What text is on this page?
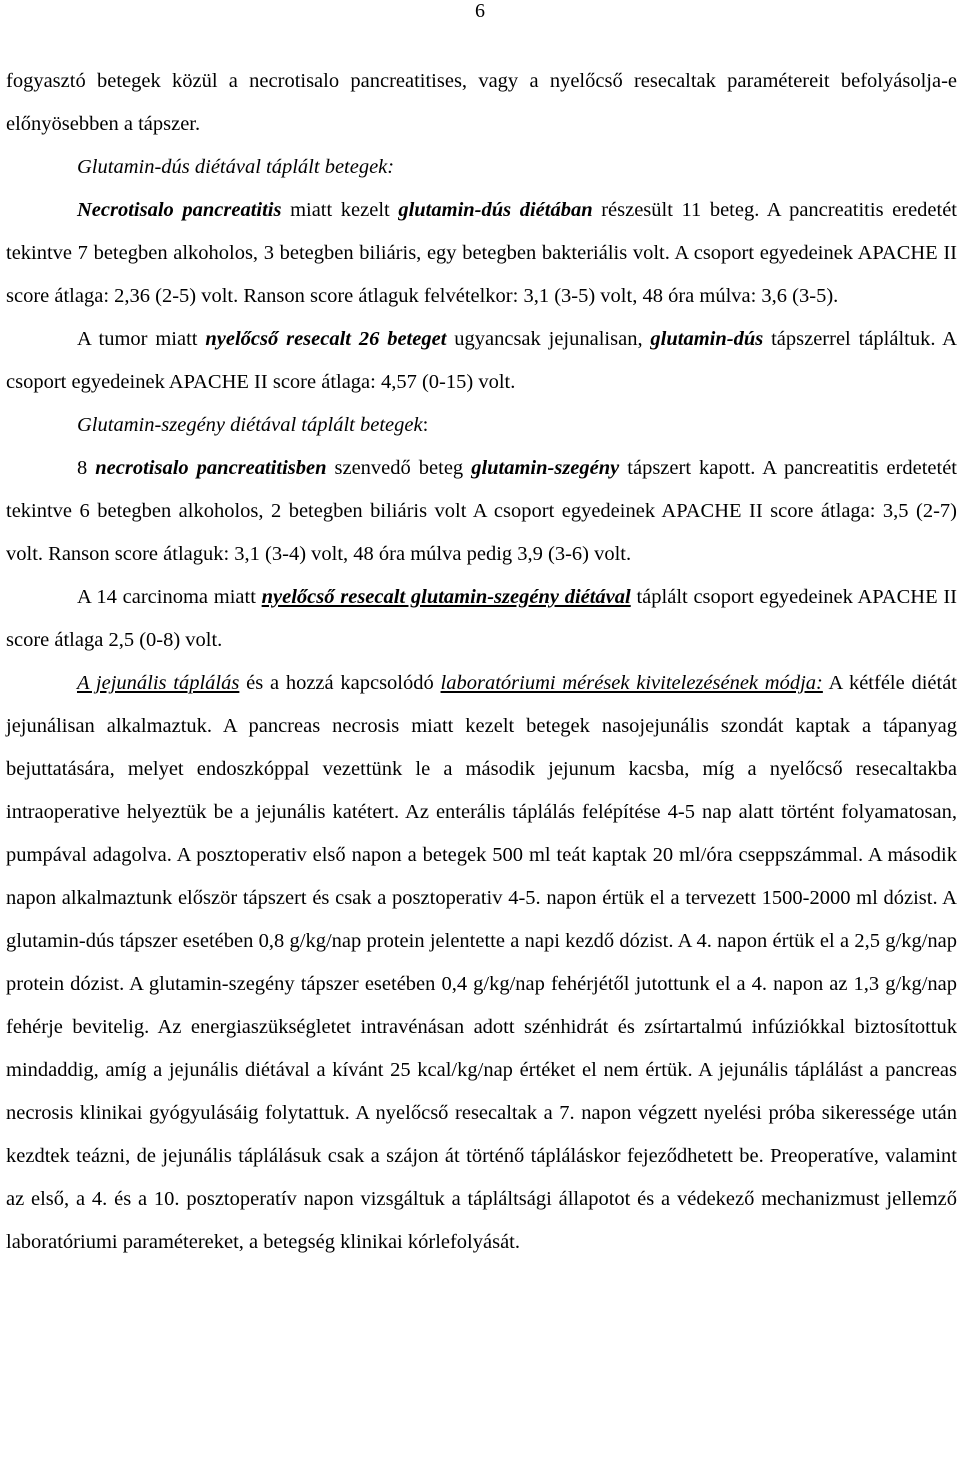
6

fogyasztó betegek közül a necrotisalo pancreatitises, vagy a nyelőcső resecaltak paramétereit befolyásolja-e előnyösebben a tápszer.

Glutamin-dús diétával táplált betegek:

Necrotisalo pancreatitis miatt kezelt glutamin-dús diétában részesült 11 beteg. A pancreatitis eredetét tekintve 7 betegben alkoholos, 3 betegben biliáris, egy betegben bakteriális volt. A csoport egyedeinek APACHE II score átlaga: 2,36 (2-5) volt. Ranson score átlaguk felvételkor: 3,1 (3-5) volt, 48 óra múlva: 3,6 (3-5).

A tumor miatt nyelőcső resecalt 26 beteget ugyancsak jejunalisan, glutamin-dús tápszerrel tápláltuk. A csoport egyedeinek APACHE II score átlaga: 4,57 (0-15) volt.

Glutamin-szegény diétával táplált betegek:

8 necrotisalo pancreatitisben szenvedő beteg glutamin-szegény tápszert kapott. A pancreatitis erdetetét tekintve 6 betegben alkoholos, 2 betegben biliáris volt A csoport egyedeinek APACHE II score átlaga: 3,5 (2-7) volt. Ranson score átlaguk: 3,1 (3-4) volt, 48 óra múlva pedig 3,9 (3-6) volt.

A 14 carcinoma miatt nyelőcső resecalt glutamin-szegény diétával táplált csoport egyedeinek APACHE II score átlaga 2,5 (0-8) volt.

A jejunális táplálás és a hozzá kapcsolódó laboratóriumi mérések kivitelezésének módja: A kétféle diétát jejunálisan alkalmaztuk. A pancreas necrosis miatt kezelt betegek nasojejunális szondát kaptak a tápanyag bejuttatására, melyet endoszkóppal vezettünk le a második jejunum kacsba, míg a nyelőcső resecaltakba intraoperative helyeztük be a jejunális katétert. Az enterális táplálás felépítése 4-5 nap alatt történt folyamatosan, pumpával adagolva. A posztoperativ első napon a betegek 500 ml teát kaptak 20 ml/óra cseppszámmal. A második napon alkalmaztunk először tápszert és csak a posztoperativ 4-5. napon értük el a tervezett 1500-2000 ml dózist. A glutamin-dús tápszer esetében 0,8 g/kg/nap protein jelentette a napi kezdő dózist. A 4. napon értük el a 2,5 g/kg/nap protein dózist. A glutamin-szegény tápszer esetében 0,4 g/kg/nap fehérjétől jutottunk el a 4. napon az 1,3 g/kg/nap fehérje bevitelig. Az energiaszükségletet intravénásan adott szénhidrát és zsírtartalmú infúziókkal biztosítottuk mindaddig, amíg a jejunális diétával a kívánt 25 kcal/kg/nap értéket el nem értük. A jejunális táplálást a pancreas necrosis klinikai gyógyulásáig folytattuk. A nyelőcső resecaltak a 7. napon végzett nyelési próba sikeressége után kezdtek teázni, de jejunális táplálásuk csak a szájon át történő tápláláskor fejeződhetett be. Preoperatíve, valamint az első, a 4. és a 10. posztoperatív napon vizsgáltuk a tápláltsági állapotot és a védekező mechanizmust jellemző laboratóriumi paramétereket, a betegség klinikai kórlefolyását.
